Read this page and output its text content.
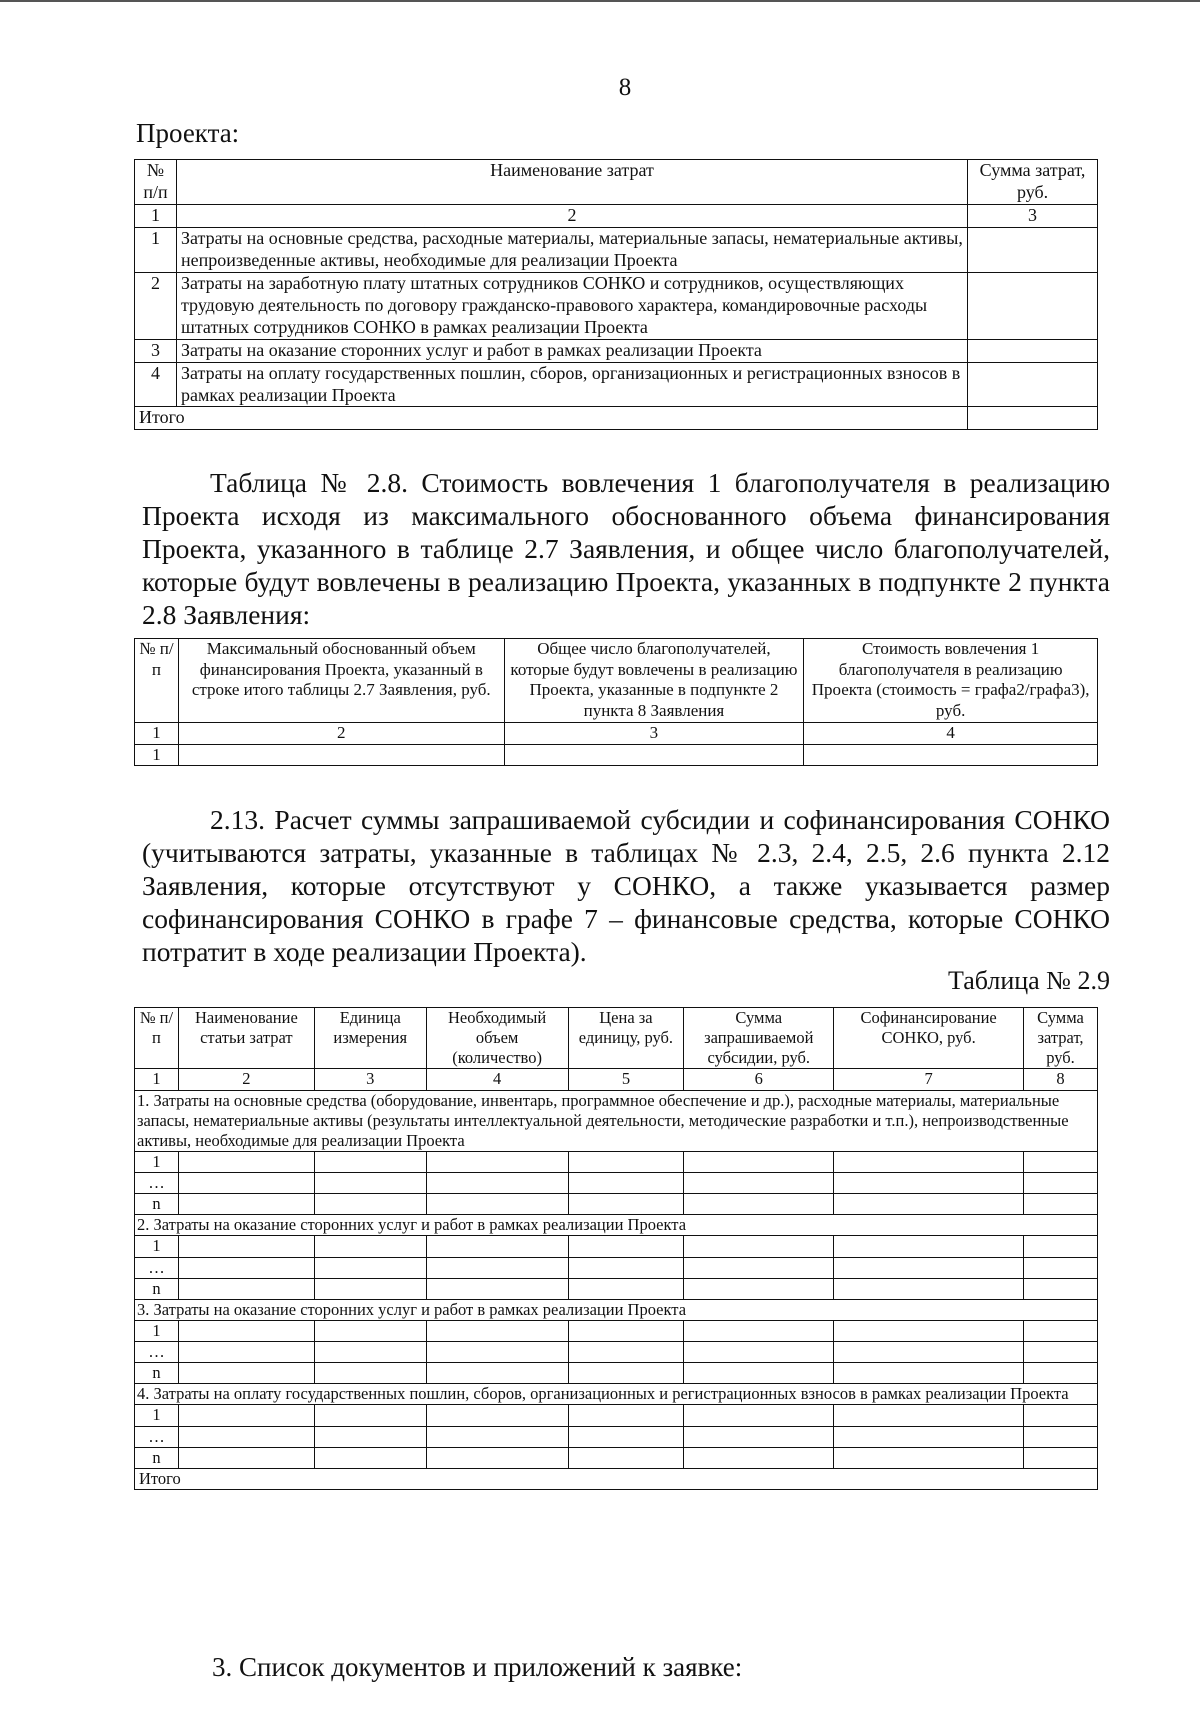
8
Проекта:
№ п/п	Наименование затрат	Сумма затрат, руб.
1	2	3
1	Затраты на основные средства, расходные материалы, материальные запасы, нематериальные активы, непроизведенные активы, необходимые для реализации Проекта	
2	Затраты на заработную плату штатных сотрудников СОНКО и сотрудников, осуществляющих трудовую деятельность по договору гражданско-правового характера, командировочные расходы штатных сотрудников СОНКО в рамках реализации Проекта	
3	Затраты на оказание сторонних услуг и работ в рамках реализации Проекта	
4	Затраты на оплату государственных пошлин, сборов, организационных и регистрационных взносов в рамках реализации Проекта	
Итого		

Таблица № 2.8. Стоимость вовлечения 1 благополучателя в реализацию Проекта исходя из максимального обоснованного объема финансирования Проекта, указанного в таблице 2.7 Заявления, и общее число благополучателей, которые будут вовлечены в реализацию Проекта, указанных в подпункте 2 пункта 2.8 Заявления:

№ п/п	Максимальный обоснованный объем финансирования Проекта, указанный в строке итого таблицы 2.7 Заявления, руб.	Общее число благополучателей, которые будут вовлечены в реализацию Проекта, указанные в подпункте 2 пункта 8 Заявления	Стоимость вовлечения 1 благополучателя в реализацию Проекта (стоимость = графа2/графа3), руб.
1	2	3	4
1			

2.13. Расчет суммы запрашиваемой субсидии и софинансирования СОНКО (учитываются затраты, указанные в таблицах № 2.3, 2.4, 2.5, 2.6 пункта 2.12 Заявления, которые отсутствуют у СОНКО, а также указывается размер софинансирования СОНКО в графе 7 – финансовые средства, которые СОНКО потратит в ходе реализации Проекта).

Таблица № 2.9
№ п/п	Наименование статьи затрат	Единица измерения	Необходимый объем (количество)	Цена за единицу, руб.	Сумма запрашиваемой субсидии, руб.	Софинансирование СОНКО, руб.	Сумма затрат, руб.
1	2	3	4	5	6	7	8
1. Затраты на основные средства (оборудование, инвентарь, программное обеспечение и др.), расходные материалы, материальные запасы, нематериальные активы (результаты интеллектуальной деятельности, методические разработки и т.п.), непроизводственные активы, необходимые для реализации Проекта							
1							
…							
n							
2. Затраты на оказание сторонних услуг и работ в рамках реализации Проекта							
1							
…							
n							
3. Затраты на оказание сторонних услуг и работ в рамках реализации Проекта							
1							
…							
n							
4. Затраты на оплату государственных пошлин, сборов, организационных и регистрационных взносов в рамках реализации Проекта							
1							
…							
n							
Итого							
3. Список документов и приложений к заявке:
